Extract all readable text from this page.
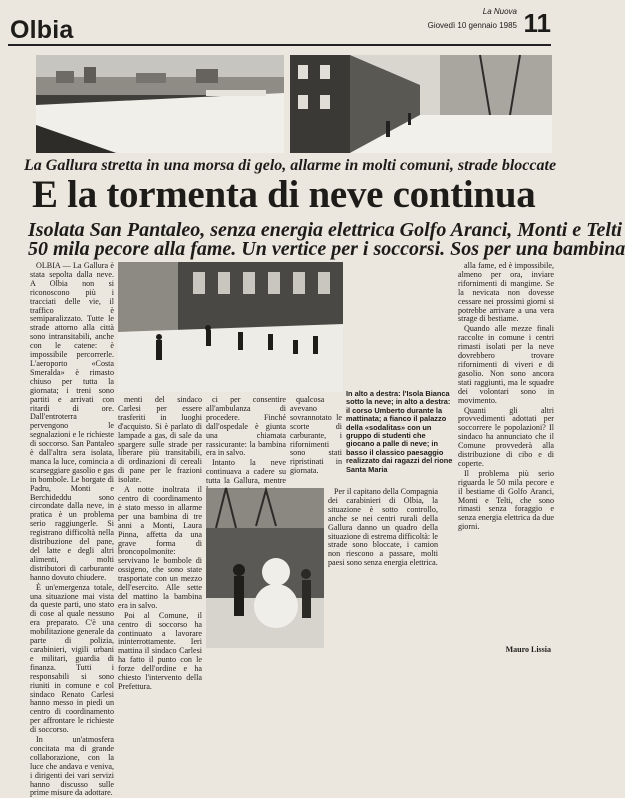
Olbia
La Nuova
Giovedì 10 gennaio 1985 11
La Gallura stretta in una morsa di gelo, allarme in molti comuni, strade bloccate
E la tormenta di neve continua
Isolata San Pantaleo, senza energia elettrica Golfo Aranci, Monti e Telti
50 mila pecore alla fame. Un vertice per i soccorsi. Sos per una bambina

OLBIA — La Gallura è stata sepolta dalla neve. A Olbia non si riconoscono più i tracciati delle vie, il traffico è semiparalizzato. Tutte le strade attorno alla città sono intransitabili, anche con le catene: è impossibile percorrerle. L'aeroporto «Costa Smeralda» è rimasto chiuso per tutta la giornata; i treni sono partiti e arrivati con ritardi di ore. Dall'entroterra pervengono le segnalazioni e le richieste di soccorso. San Pantaleo è dall'altra sera isolata, manca la luce, comincia a scarseggiare gasolio e gas in bombole. Le borgate di Padru, Monti e Berchideddu sono circondate dalla neve, in pratica è un problema serio raggiungerle. Si registrano difficoltà nella distribuzione del pane, del latte e degli altri alimenti, molti distributori di carburante hanno dovuto chiudere.

È un'emergenza totale, una situazione mai vista da queste parti, uno stato di cose al quale nessuno era preparato. C'è una mobilitazione generale da parte di polizia, carabinieri, vigili urbani e militari, guardia di finanza. Tutti i responsabili si sono riuniti in comune e col sindaco Renato Carlesi hanno messo in piedi un centro di coordinamento per affrontare le richieste di soccorso.

In un'atmosfera concitata ma di grande collaborazione, con la luce che andava e veniva, i dirigenti dei vari servizi hanno discusso sulle prime misure da adottare.

menti del sindaco Carlesi per essere trasferiti in luoghi d'acquisto. Si è parlato di lampade a gas, di sale da spargere sulle strade per liberare più transitabili, di ordinazioni di cereali di pane per le frazioni isolate.

A notte inoltrata il centro di coordinamento è stato messo in allarme per una bambina di tre anni a Monti, Laura Pinna, affetta da una grave forma di broncopolmonite: servivano le bombole di ossigeno, che sono state trasportate con un mezzo dell'esercito. Alle sette del mattino la bambina era in salvo.

Poi al Comune, il centro di soccorso ha continuato a lavorare ininterrottamente. Ieri mattina il sindaco Carlesi ha fatto il punto con le forze dell'ordine e ha chiesto l'intervento della Prefettura.

ci per consentire all'ambulanza di procedere. Finché dall'ospedale è giunta una chiamata rassicurante: la bambina era in salvo.

Intanto la neve continuava a cadere su tutta la Gallura, mentre

qualcosa avevano sovrannotato le scorte di carburante, i rifornimenti sono stati ripristinati in giornata.

Per il capitano della Compagnia dei carabinieri di Olbia, la situazione è sotto controllo, anche se nei centri rurali della Gallura danno un quadro della situazione di estrema difficoltà: le strade sono bloccate, i camion non riescono a passare, molti paesi sono senza energia elettrica.

In alto a destra: l'Isola Bianca sotto la neve; in alto a destra: il corso Umberto durante la mattinata; a fianco il palazzo della «sodalitas» con un gruppo di studenti che giocano a palle di neve; in basso il classico paesaggio realizzato dai ragazzi del rione Santa Maria

alla fame, ed è impossibile, almeno per ora, inviare rifornimenti di mangime. Se la nevicata non dovesse cessare nei prossimi giorni si potrebbe arrivare a una vera strage di bestiame.

Quando alle mezze finali raccolte in comune i centri rimasti isolati per la neve dovrebbero trovare rifornimenti di viveri e di gasolio. Non sono ancora stati raggiunti, ma le squadre dei volontari sono in movimento.

Quanti gli altri provvedimenti adottati per soccorrere le popolazioni? Il sindaco ha annunciato che il Comune provvederà alla distribuzione di cibo e di coperte.

Il problema più serio riguarda le 50 mila pecore e il bestiame di Golfo Aranci, Monti e Telti, che sono rimasti senza foraggio e senza energia elettrica da due giorni.

Mauro Lissia
